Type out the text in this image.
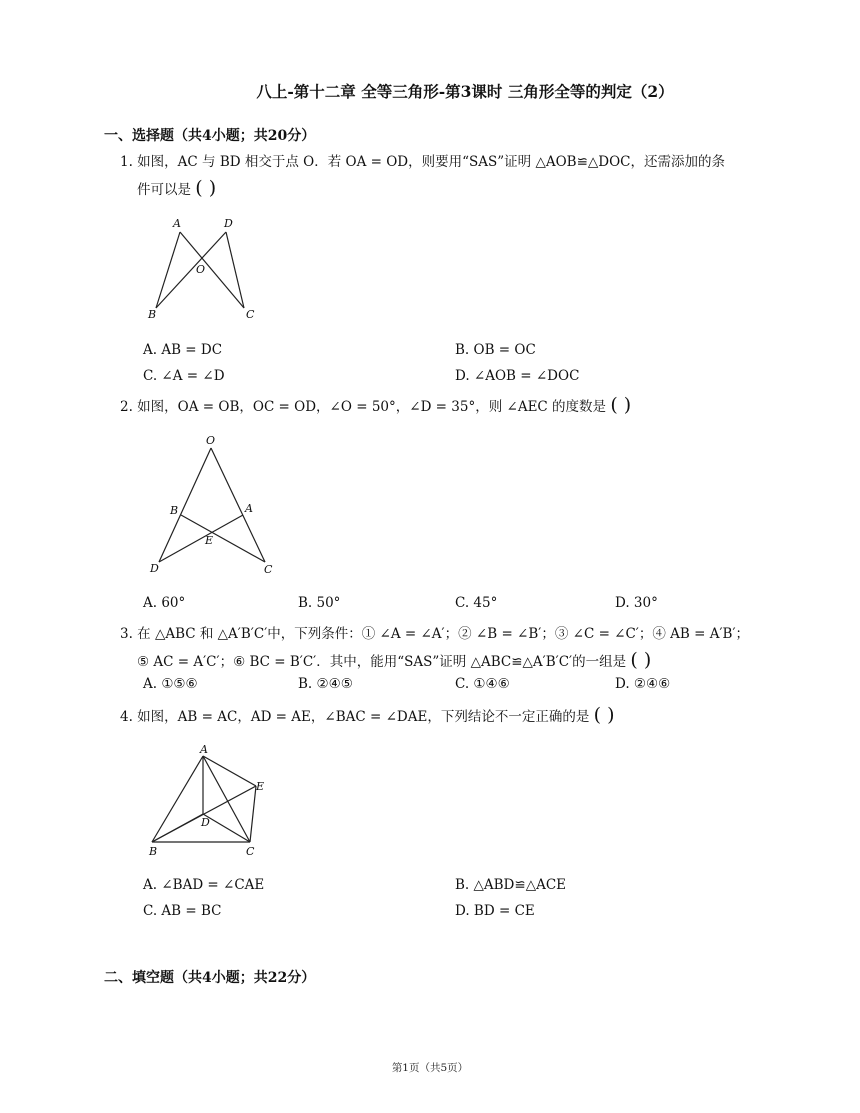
八上-第十二章 全等三角形-第3课时 三角形全等的判定（2）
一、选择题（共4小题；共20分）
1. 如图，AC 与 BD 相交于点 O．若 OA = OD，则要用“SAS”证明 △AOB≌△DOC，还需添加的条
件可以是 ( )
A	D
O
B	C
A. AB = DC	B. OB = OC
C. ∠A = ∠D	D. ∠AOB = ∠DOC
2. 如图，OA = OB，OC = OD，∠O = 50°，∠D = 35°，则 ∠AEC 的度数是 ( )
O
B	A
E
D	C
A. 60°	B. 50°	C. 45°	D. 30°
3. 在 △ABC 和 △A′B′C′中，下列条件：① ∠A = ∠A′；② ∠B = ∠B′；③ ∠C = ∠C′；④ AB = A′B′；
⑤ AC = A′C′；⑥ BC = B′C′．其中，能用“SAS”证明 △ABC≌△A′B′C′的一组是 ( )
A. ①⑤⑥	B. ②④⑤	C. ①④⑥	D. ②④⑥
4. 如图，AB = AC，AD = AE，∠BAC = ∠DAE，下列结论不一定正确的是 ( )
A
E
D
B	C
A. ∠BAD = ∠CAE	B. △ABD≌△ACE
C. AB = BC	D. BD = CE
二、填空题（共4小题；共22分）
第1页（共5页）
